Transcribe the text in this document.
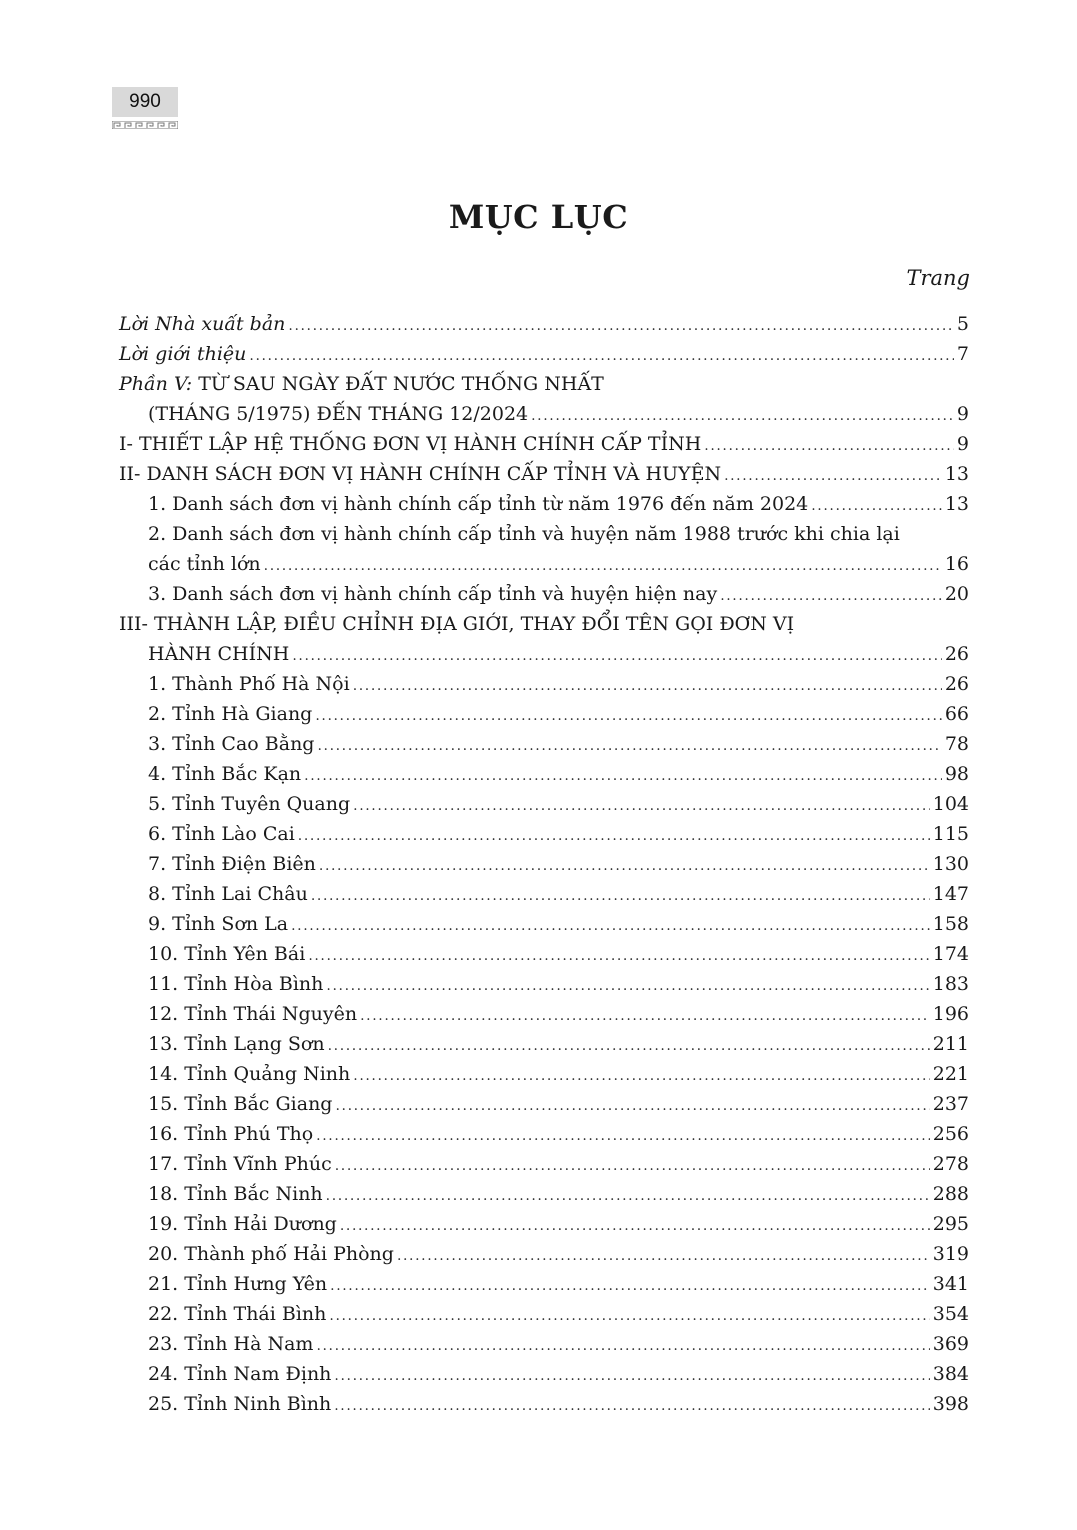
990
MỤC LỤC
Trang
Lời Nhà xuất bản .....	5
Lời giới thiệu .....	7
Phần V: TỪ SAU NGÀY ĐẤT NƯỚC THỐNG NHẤT
(THÁNG 5/1975) ĐẾN THÁNG 12/2024 .....	9
I- THIẾT LẬP HỆ THỐNG ĐƠN VỊ HÀNH CHÍNH CẤP TỈNH .....	9
II- DANH SÁCH ĐƠN VỊ HÀNH CHÍNH CẤP TỈNH VÀ HUYỆN .....	13
1. Danh sách đơn vị hành chính cấp tỉnh từ năm 1976 đến năm 2024 .....	13
2. Danh sách đơn vị hành chính cấp tỉnh và huyện năm 1988 trước khi chia lại
các tỉnh lớn .....	16
3. Danh sách đơn vị hành chính cấp tỉnh và huyện hiện nay .....	20
III- THÀNH LẬP, ĐIỀU CHỈNH ĐỊA GIỚI, THAY ĐỔI TÊN GỌI ĐƠN VỊ
HÀNH CHÍNH .....	26
1. Thành Phố Hà Nội .....	26
2. Tỉnh Hà Giang .....	66
3. Tỉnh Cao Bằng .....	78
4. Tỉnh Bắc Kạn .....	98
5. Tỉnh Tuyên Quang .....	104
6. Tỉnh Lào Cai .....	115
7. Tỉnh Điện Biên .....	130
8. Tỉnh Lai Châu .....	147
9. Tỉnh Sơn La .....	158
10. Tỉnh Yên Bái .....	174
11. Tỉnh Hòa Bình .....	183
12. Tỉnh Thái Nguyên .....	196
13. Tỉnh Lạng Sơn .....	211
14. Tỉnh Quảng Ninh .....	221
15. Tỉnh Bắc Giang .....	237
16. Tỉnh Phú Thọ .....	256
17. Tỉnh Vĩnh Phúc .....	278
18. Tỉnh Bắc Ninh .....	288
19. Tỉnh Hải Dương .....	295
20. Thành phố Hải Phòng .....	319
21. Tỉnh Hưng Yên .....	341
22. Tỉnh Thái Bình .....	354
23. Tỉnh Hà Nam .....	369
24. Tỉnh Nam Định .....	384
25. Tỉnh Ninh Bình .....	398
